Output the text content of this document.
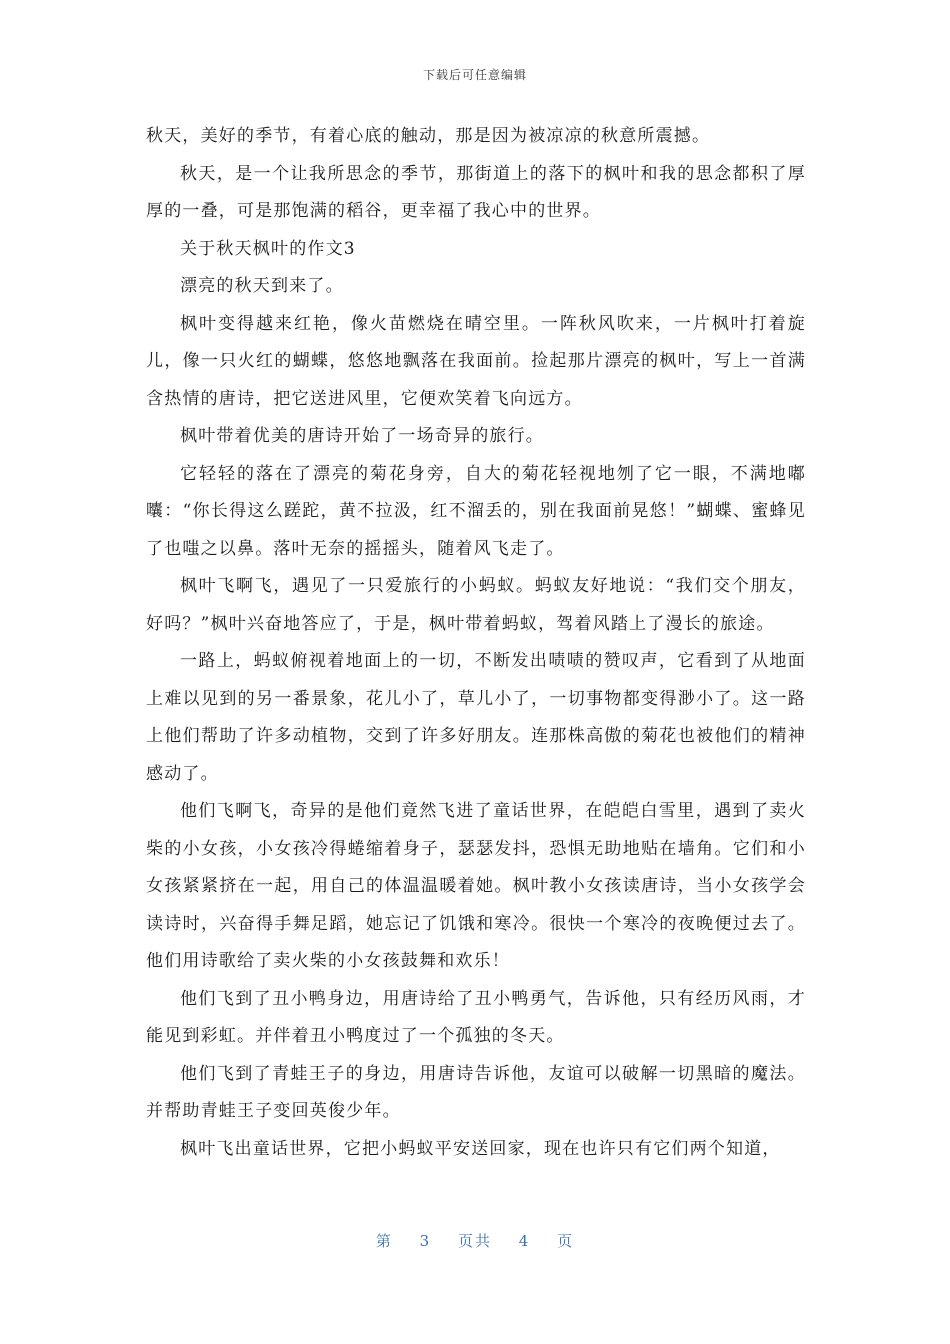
下载后可任意编辑

秋天，美好的季节，有着心底的触动，那是因为被凉凉的秋意所震撼。

秋天，是一个让我所思念的季节，那街道上的落下的枫叶和我的思念都积了厚厚的一叠，可是那饱满的稻谷，更幸福了我心中的世界。

关于秋天枫叶的作文3

漂亮的秋天到来了。

枫叶变得越来红艳，像火苗燃烧在晴空里。一阵秋风吹来，一片枫叶打着旋儿，像一只火红的蝴蝶，悠悠地飘落在我面前。捡起那片漂亮的枫叶，写上一首满含热情的唐诗，把它送进风里，它便欢笑着飞向远方。

枫叶带着优美的唐诗开始了一场奇异的旅行。

它轻轻的落在了漂亮的菊花身旁，自大的菊花轻视地刎了它一眼，不满地嘟囔：“你长得这么蹉跎，黄不拉汲，红不溜丢的，别在我面前晃悠！”蝴蝶、蜜蜂见了也嗤之以鼻。落叶无奈的摇摇头，随着风飞走了。

枫叶飞啊飞，遇见了一只爱旅行的小蚂蚁。蚂蚁友好地说：“我们交个朋友，好吗？”枫叶兴奋地答应了，于是，枫叶带着蚂蚁，驾着风踏上了漫长的旅途。

一路上，蚂蚁俯视着地面上的一切，不断发出啧啧的赞叹声，它看到了从地面上难以见到的另一番景象，花儿小了，草儿小了，一切事物都变得渺小了。这一路上他们帮助了许多动植物，交到了许多好朋友。连那株高傲的菊花也被他们的精神感动了。

他们飞啊飞，奇异的是他们竟然飞进了童话世界，在皑皑白雪里，遇到了卖火柴的小女孩，小女孩冷得蜷缩着身子，瑟瑟发抖，恐惧无助地贴在墙角。它们和小女孩紧紧挤在一起，用自己的体温温暖着她。枫叶教小女孩读唐诗，当小女孩学会读诗时，兴奋得手舞足蹈，她忘记了饥饿和寒冷。很快一个寒冷的夜晚便过去了。他们用诗歌给了卖火柴的小女孩鼓舞和欢乐！

他们飞到了丑小鸭身边，用唐诗给了丑小鸭勇气，告诉他，只有经历风雨，才能见到彩虹。并伴着丑小鸭度过了一个孤独的冬天。

他们飞到了青蛙王子的身边，用唐诗告诉他，友谊可以破解一切黑暗的魔法。并帮助青蛙王子变回英俊少年。

枫叶飞出童话世界，它把小蚂蚁平安送回家，现在也许只有它们两个知道，

第 3 页共 4 页
